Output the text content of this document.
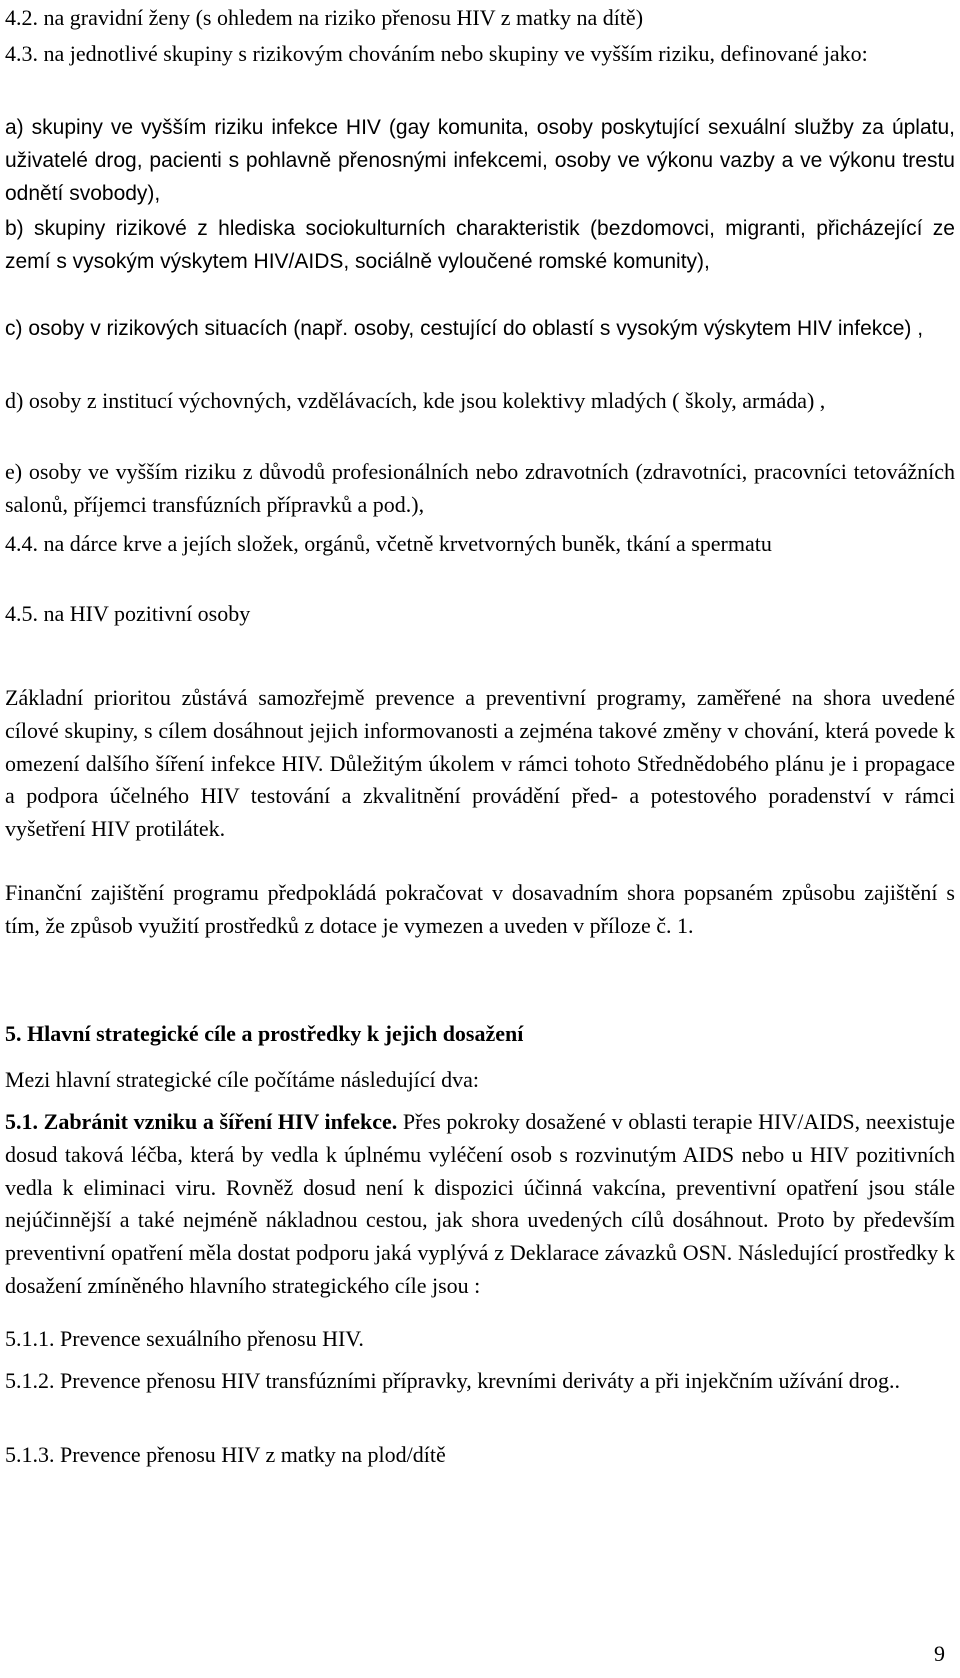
4.2. na gravidní ženy (s ohledem na riziko přenosu HIV z matky na dítě)

4.3. na jednotlivé skupiny s rizikovým chováním nebo skupiny ve vyšším riziku, definované jako:

a) skupiny ve vyšším riziku infekce HIV (gay komunita, osoby poskytující sexuální služby za úplatu, uživatelé drog, pacienti s pohlavně přenosnými infekcemi, osoby ve výkonu vazby a ve výkonu trestu odnětí svobody),

b) skupiny rizikové z hlediska sociokulturních charakteristik (bezdomovci, migranti, přicházející ze zemí s vysokým výskytem HIV/AIDS, sociálně vyloučené romské komunity),

c) osoby v rizikových situacích (např. osoby, cestující do oblastí s vysokým výskytem HIV infekce) ,

d) osoby z institucí výchovných, vzdělávacích, kde jsou kolektivy mladých ( školy, armáda) ,

e) osoby ve vyšším riziku z důvodů profesionálních nebo zdravotních (zdravotníci, pracovníci tetovážních salonů, příjemci transfúzních přípravků a pod.),

4.4. na dárce krve a jejích složek, orgánů, včetně krvetvorných buněk, tkání a spermatu

4.5. na HIV pozitivní osoby

Základní prioritou zůstává samozřejmě prevence a preventivní programy, zaměřené na shora uvedené cílové skupiny, s cílem dosáhnout jejich informovanosti a zejména takové změny v chování, která povede k omezení dalšího šíření infekce HIV. Důležitým úkolem v rámci tohoto Střednědobého plánu je i propagace a podpora účelného HIV testování a zkvalitnění provádění před- a potestového poradenství v rámci vyšetření HIV protilátek.

Finanční zajištění programu předpokládá pokračovat v dosavadním shora popsaném způsobu zajištění s tím, že způsob využití prostředků z dotace je vymezen a uveden v příloze č. 1.

5. Hlavní strategické cíle a prostředky k jejich dosažení

Mezi hlavní strategické cíle počítáme následující dva:

5.1. Zabránit vzniku a šíření HIV infekce. Přes pokroky dosažené v oblasti terapie HIV/AIDS, neexistuje dosud taková léčba, která by vedla k úplnému vyléčení osob s rozvinutým AIDS nebo u HIV pozitivních vedla k eliminaci viru. Rovněž dosud není k dispozici účinná vakcína, preventivní opatření jsou stále nejúčinnější a také nejméně nákladnou cestou, jak shora uvedených cílů dosáhnout. Proto by především preventivní opatření měla dostat podporu jaká vyplývá z Deklarace závazků OSN. Následující prostředky k dosažení zmíněného hlavního strategického cíle jsou :

5.1.1. Prevence sexuálního přenosu HIV.

5.1.2. Prevence přenosu HIV transfúzními přípravky, krevními deriváty a při injekčním užívání drog..

5.1.3. Prevence přenosu HIV z matky na plod/dítě

9
